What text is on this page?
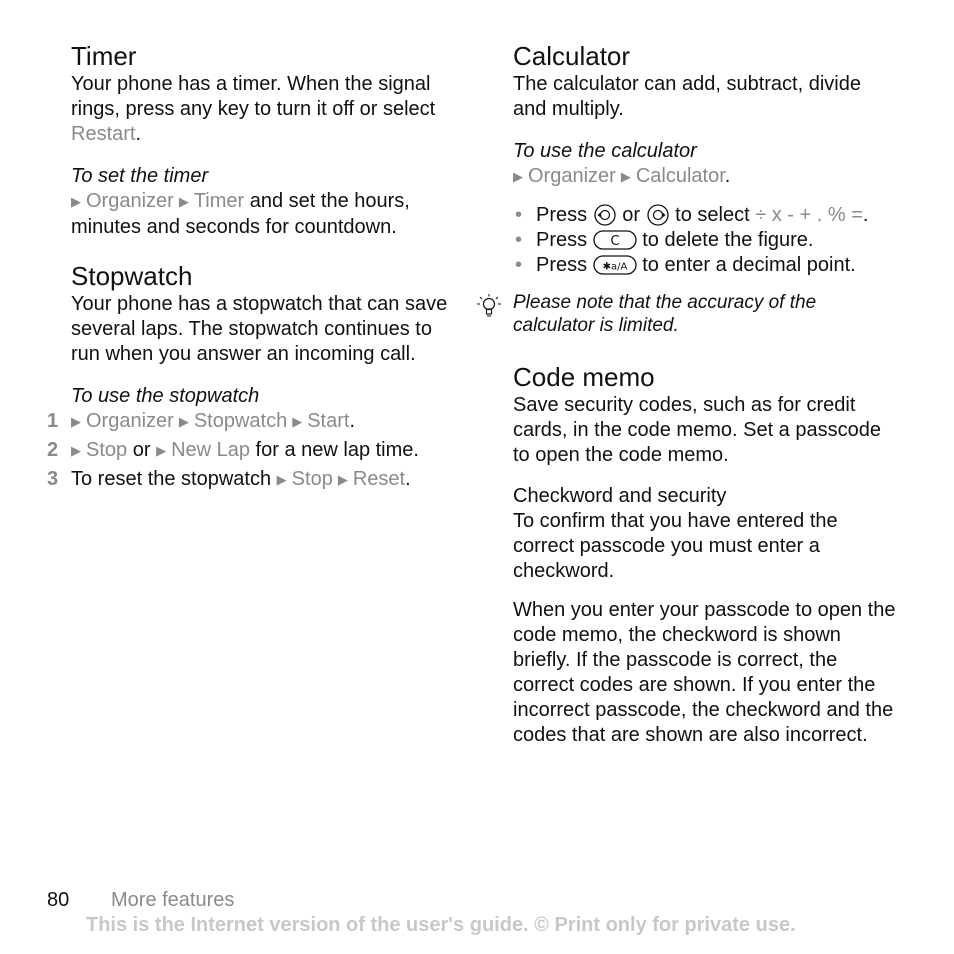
Timer

Your phone has a timer. When the signal rings, press any key to turn it off or select Restart.

To set the timer

▶ Organizer ▶ Timer and set the hours, minutes and seconds for countdown.

Stopwatch

Your phone has a stopwatch that can save several laps. The stopwatch continues to run when you answer an incoming call.

To use the stopwatch
1 ▶ Organizer ▶ Stopwatch ▶ Start.
2 ▶ Stop or ▶ New Lap for a new lap time.
3 To reset the stopwatch ▶ Stop ▶ Reset.
Calculator

The calculator can add, subtract, divide and multiply.

To use the calculator

▶ Organizer ▶ Calculator.

• Press  or  to select ÷ x - + . % =.
• Press C to delete the figure.
• Press ✱a/A to enter a decimal point.
Please note that the accuracy of the calculator is limited.
Code memo

Save security codes, such as for credit cards, in the code memo. Set a passcode to open the code memo.

Checkword and security

To confirm that you have entered the correct passcode you must enter a checkword.

When you enter your passcode to open the code memo, the checkword is shown briefly. If the passcode is correct, the correct codes are shown. If you enter the incorrect passcode, the checkword and the codes that are shown are also incorrect.

80 More features
This is the Internet version of the user's guide. © Print only for private use.
